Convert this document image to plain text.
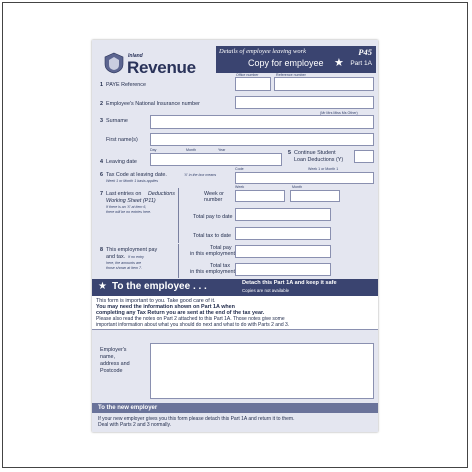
Inland
Revenue
Details of employee leaving work	P45
Copy for employee ★ Part 1A
1 PAYE Reference
Office number	Reference number
2 Employee's National Insurance number
3 Surname
(Mr Mrs Miss Ms Other)
First name(s)
Day	Month	Year
4 Leaving date
5 Continue Student
Loan Deductions (Y)
Code	Week 1 or Month 1
6 Tax Code at leaving date.	'X' in the box means
Week 1 or Month 1 basis applies
Week	Month
7 Last entries on Deductions
Working Sheet (P11)
If there is an 'X' at item 6,
there will be no entries here.
Week or
number
Total pay to date
Total tax to date
8 This employment pay
and tax. If no entry
here, the amounts are
those shown at item 7.
Total pay
in this employment
Total tax
in this employment
★ To the employee . . .	Detach this Part 1A and keep it safe
Copies are not available
This form is important to you. Take good care of it.
You may need the information shown on Part 1A when
completing any Tax Return you are sent at the end of the tax year.
Please also read the notes on Part 2 attached to this Part 1A. Those notes give some
important information about what you should do next and what to do with Parts 2 and 3.
Employer's
name,
address and
Postcode
To the new employer
If your new employer gives you this form please detach this Part 1A and return it to them.
Deal with Parts 2 and 3 normally.
